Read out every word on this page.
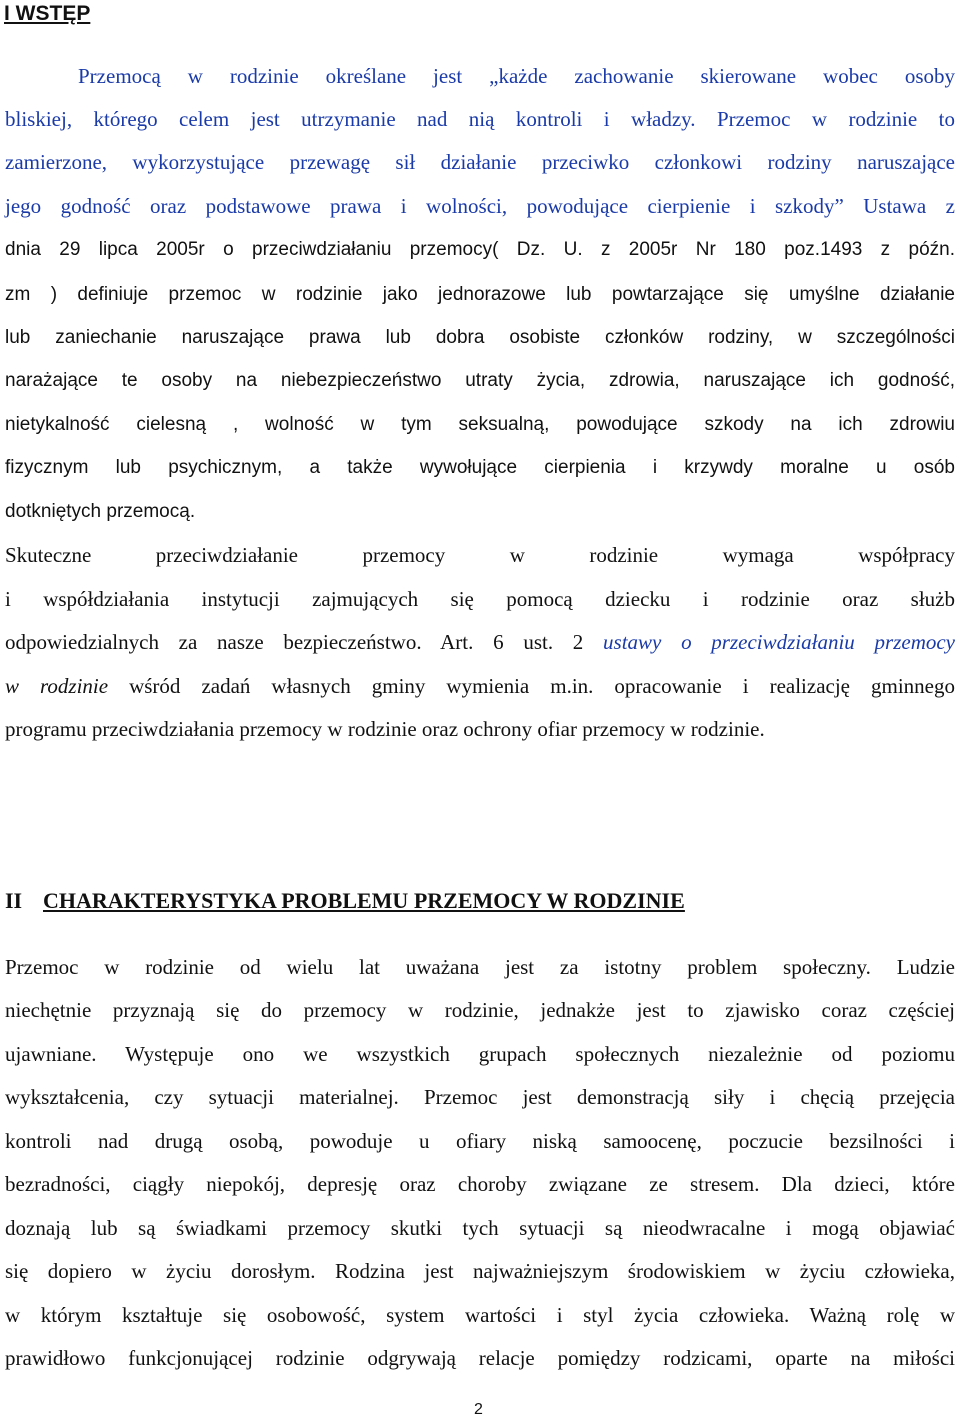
I WSTĘP
Przemocą w rodzinie określane jest „każde zachowanie skierowane wobec osoby
bliskiej, którego celem jest utrzymanie nad nią kontroli i władzy. Przemoc w rodzinie to
zamierzone, wykorzystujące przewagę sił działanie przeciwko członkowi rodziny naruszające
jego godność oraz podstawowe prawa i wolności, powodujące cierpienie i szkody” Ustawa z
dnia 29 lipca 2005r o przeciwdziałaniu przemocy( Dz. U. z 2005r Nr 180 poz.1493 z późn.
zm ) definiuje przemoc w rodzinie jako jednorazowe lub powtarzające się umyślne działanie
lub zaniechanie naruszające prawa lub dobra osobiste członków rodziny, w szczególności
narażające te osoby na niebezpieczeństwo utraty życia, zdrowia, naruszające ich godność,
nietykalność cielesną , wolność w tym seksualną, powodujące szkody na ich zdrowiu
fizycznym lub psychicznym, a także wywołujące cierpienia i krzywdy moralne u osób
dotkniętych przemocą.
Skuteczne przeciwdziałanie przemocy w rodzinie wymaga współpracy
i współdziałania instytucji zajmujących się pomocą dziecku i rodzinie oraz służb
odpowiedzialnych za nasze bezpieczeństwo. Art. 6 ust. 2 ustawy o przeciwdziałaniu przemocy
w rodzinie wśród zadań własnych gminy wymienia m.in. opracowanie i realizację gminnego
programu przeciwdziałania przemocy w rodzinie oraz ochrony ofiar przemocy w rodzinie.
II CHARAKTERYSTYKA PROBLEMU PRZEMOCY W RODZINIE
Przemoc w rodzinie od wielu lat uważana jest za istotny problem społeczny. Ludzie
niechętnie przyznają się do przemocy w rodzinie, jednakże jest to zjawisko coraz częściej
ujawniane. Występuje ono we wszystkich grupach społecznych niezależnie od poziomu
wykształcenia, czy sytuacji materialnej. Przemoc jest demonstracją siły i chęcią przejęcia
kontroli nad drugą osobą, powoduje u ofiary niską samoocenę, poczucie bezsilności i
bezradności, ciągły niepokój, depresję oraz choroby związane ze stresem. Dla dzieci, które
doznają lub są świadkami przemocy skutki tych sytuacji są nieodwracalne i mogą objawiać
się dopiero w życiu dorosłym. Rodzina jest najważniejszym środowiskiem w życiu człowieka,
w którym kształtuje się osobowość, system wartości i styl życia człowieka. Ważną rolę w
prawidłowo funkcjonującej rodzinie odgrywają relacje pomiędzy rodzicami, oparte na miłości
2
